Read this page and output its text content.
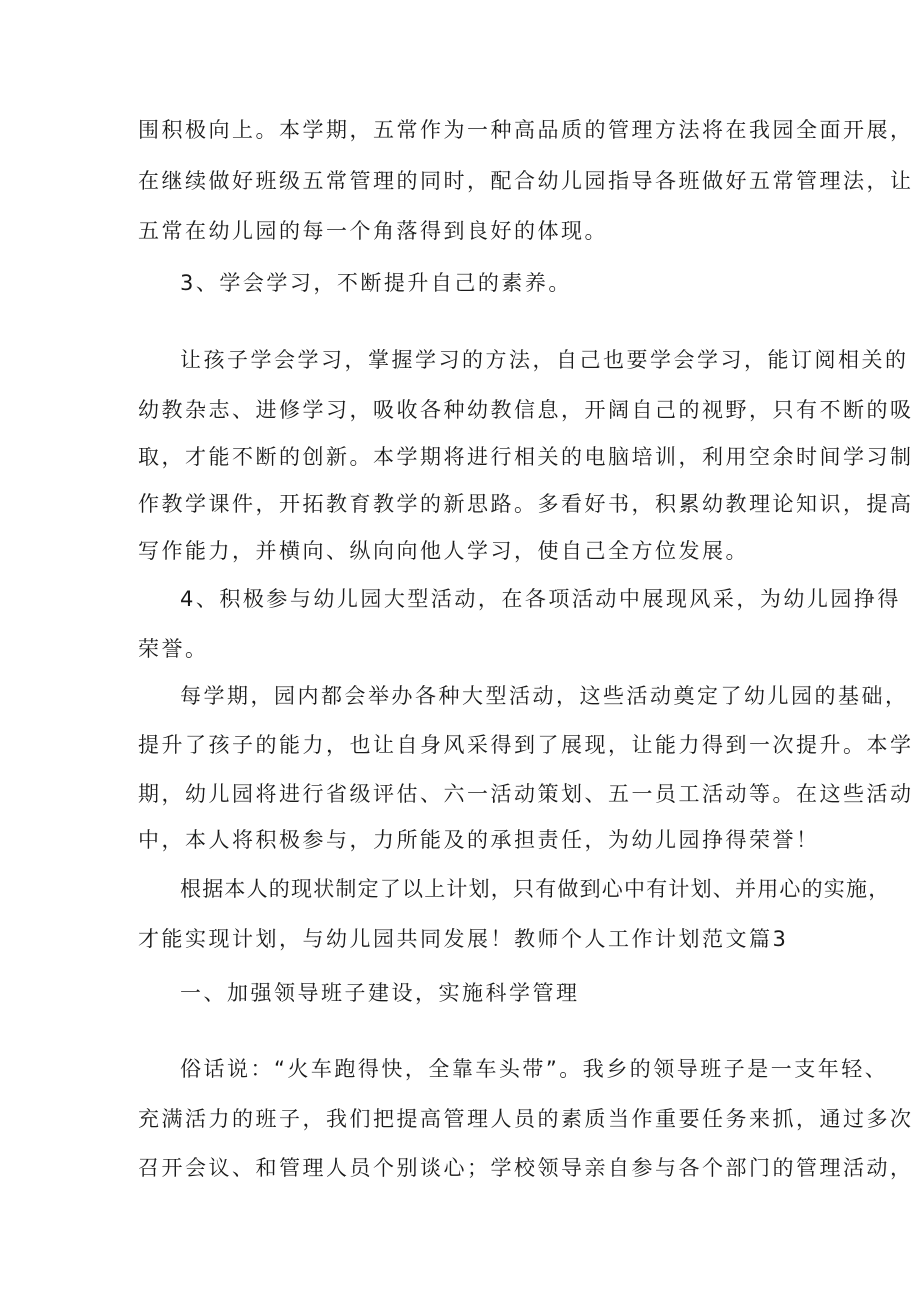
围积极向上。本学期，五常作为一种高品质的管理方法将在我园全面开展，
在继续做好班级五常管理的同时，配合幼儿园指导各班做好五常管理法，让
五常在幼儿园的每一个角落得到良好的体现。
3、学会学习，不断提升自己的素养。
让孩子学会学习，掌握学习的方法，自己也要学会学习，能订阅相关的
幼教杂志、进修学习，吸收各种幼教信息，开阔自己的视野，只有不断的吸
取，才能不断的创新。本学期将进行相关的电脑培训，利用空余时间学习制
作教学课件，开拓教育教学的新思路。多看好书，积累幼教理论知识，提高
写作能力，并横向、纵向向他人学习，使自己全方位发展。
4、积极参与幼儿园大型活动，在各项活动中展现风采，为幼儿园挣得
荣誉。
每学期，园内都会举办各种大型活动，这些活动奠定了幼儿园的基础，
提升了孩子的能力，也让自身风采得到了展现，让能力得到一次提升。本学
期，幼儿园将进行省级评估、六一活动策划、五一员工活动等。在这些活动
中，本人将积极参与，力所能及的承担责任，为幼儿园挣得荣誉！
根据本人的现状制定了以上计划，只有做到心中有计划、并用心的实施，
才能实现计划，与幼儿园共同发展！教师个人工作计划范文篇3
一、加强领导班子建设，实施科学管理
俗话说：“火车跑得快，全靠车头带”。我乡的领导班子是一支年轻、
充满活力的班子，我们把提高管理人员的素质当作重要任务来抓，通过多次
召开会议、和管理人员个别谈心；学校领导亲自参与各个部门的管理活动，
